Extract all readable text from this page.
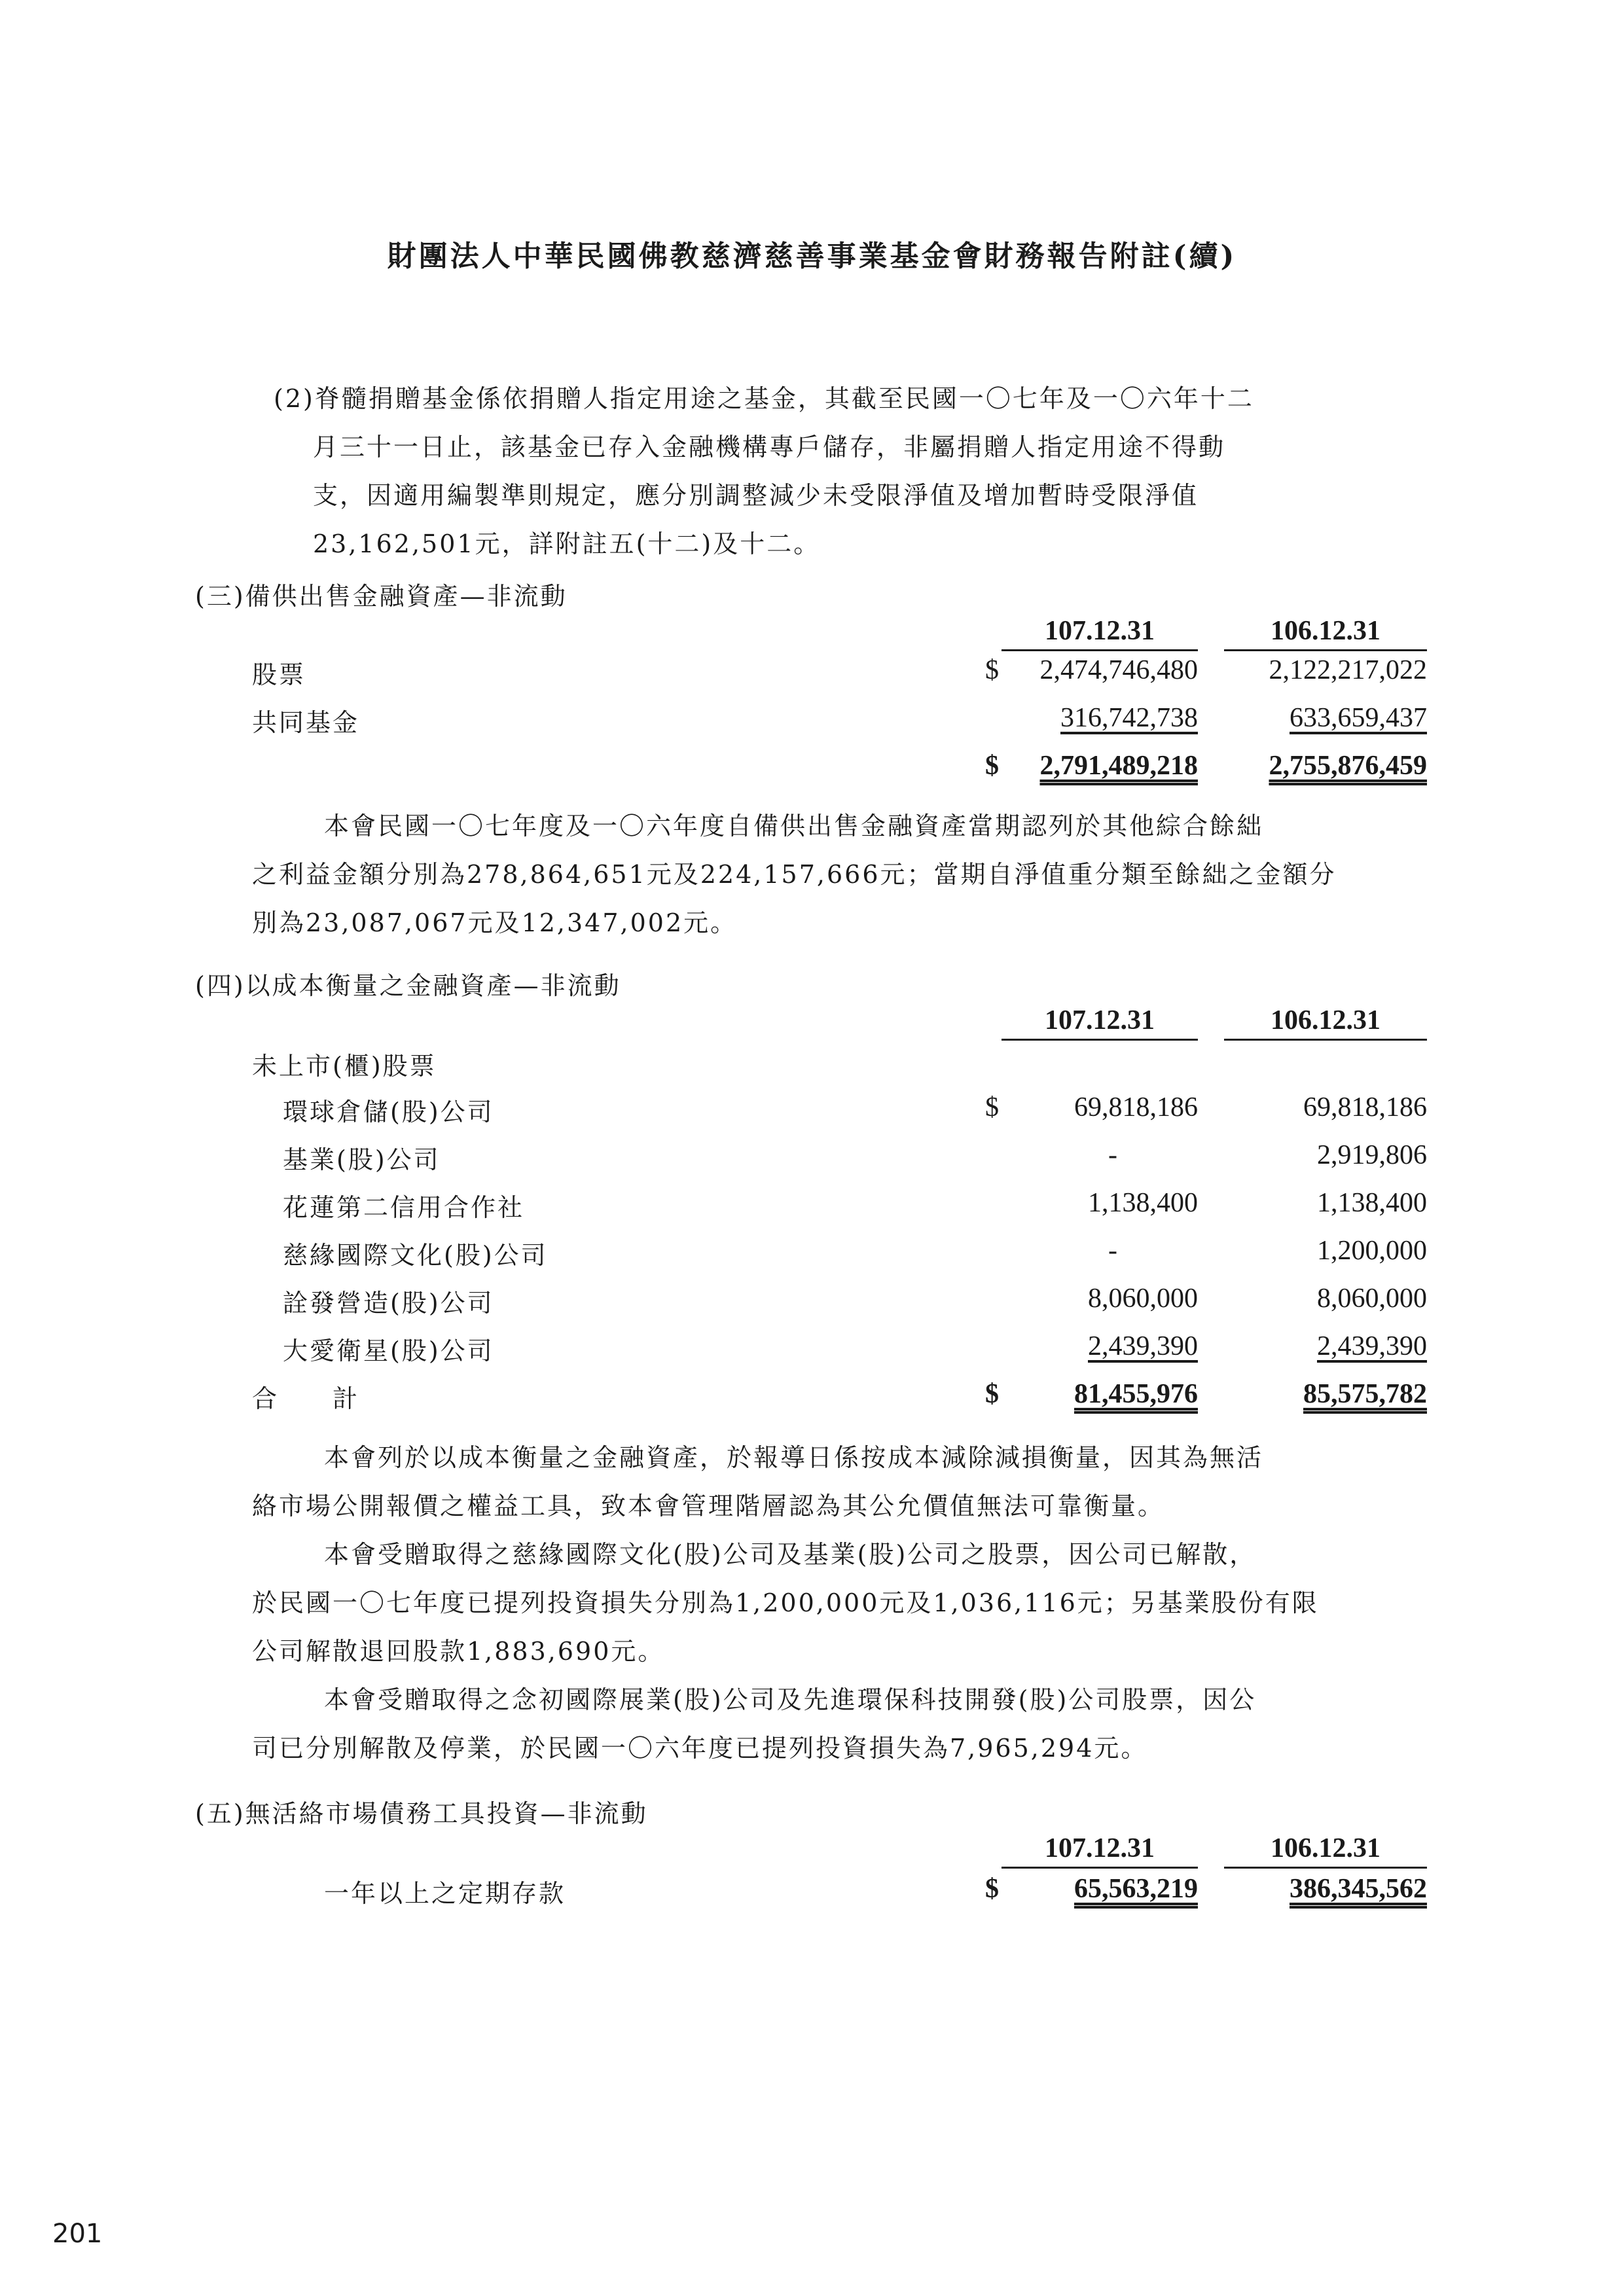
財團法人中華民國佛教慈濟慈善事業基金會財務報告附註(續)
(2)脊髓捐贈基金係依捐贈人指定用途之基金，其截至民國一〇七年及一〇六年十二
月三十一日止，該基金已存入金融機構專戶儲存，非屬捐贈人指定用途不得動
支，因適用編製準則規定，應分別調整減少未受限淨值及增加暫時受限淨值
23,162,501元，詳附註五(十二)及十二。
(三)備供出售金融資產—非流動
107.12.31	106.12.31
股票	$	2,474,746,480	2,122,217,022
共同基金	316,742,738	633,659,437
$	2,791,489,218	2,755,876,459
本會民國一〇七年度及一〇六年度自備供出售金融資產當期認列於其他綜合餘絀
之利益金額分別為278,864,651元及224,157,666元；當期自淨值重分類至餘絀之金額分
別為23,087,067元及12,347,002元。
(四)以成本衡量之金融資產—非流動
107.12.31	106.12.31
未上市(櫃)股票
環球倉儲(股)公司	$	69,818,186	69,818,186
基業(股)公司	-	2,919,806
花蓮第二信用合作社	1,138,400	1,138,400
慈緣國際文化(股)公司	-	1,200,000
詮發營造(股)公司	8,060,000	8,060,000
大愛衛星(股)公司	2,439,390	2,439,390
合　　計	$	81,455,976	85,575,782
本會列於以成本衡量之金融資產，於報導日係按成本減除減損衡量，因其為無活
絡市場公開報價之權益工具，致本會管理階層認為其公允價值無法可靠衡量。
本會受贈取得之慈緣國際文化(股)公司及基業(股)公司之股票，因公司已解散，
於民國一〇七年度已提列投資損失分別為1,200,000元及1,036,116元；另基業股份有限
公司解散退回股款1,883,690元。
本會受贈取得之念初國際展業(股)公司及先進環保科技開發(股)公司股票，因公
司已分別解散及停業，於民國一〇六年度已提列投資損失為7,965,294元。
(五)無活絡市場債務工具投資—非流動
107.12.31	106.12.31
一年以上之定期存款	$	65,563,219	386,345,562
201
